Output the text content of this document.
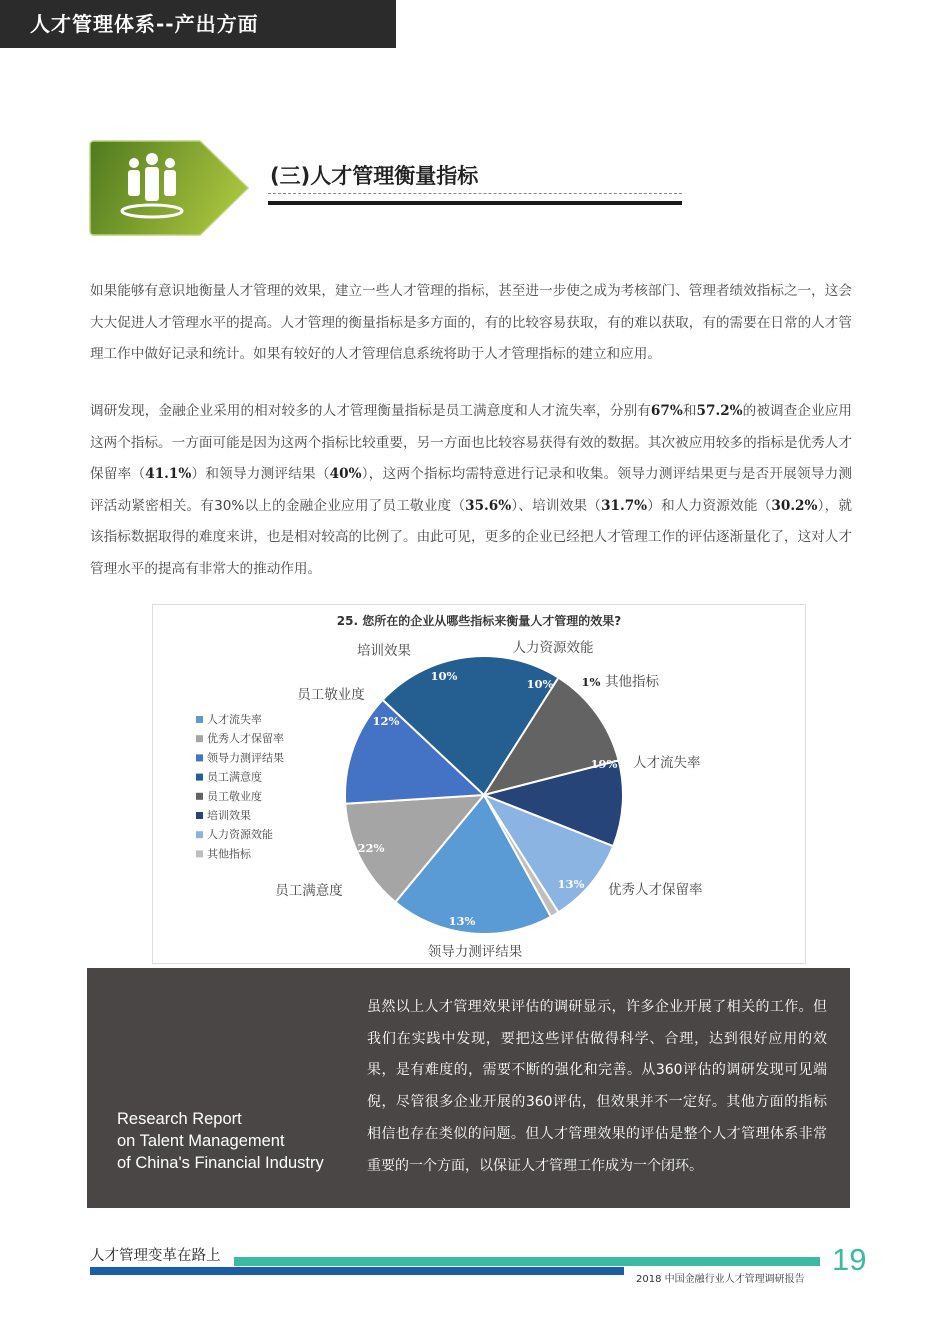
人才管理体系--产出方面
(三)人才管理衡量指标

如果能够有意识地衡量人才管理的效果，建立一些人才管理的指标，甚至进一步使之成为考核部门、管理者绩效指标之一，这会大大促进人才管理水平的提高。人才管理的衡量指标是多方面的，有的比较容易获取，有的难以获取，有的需要在日常的人才管理工作中做好记录和统计。如果有较好的人才管理信息系统将助于人才管理指标的建立和应用。

调研发现，金融企业采用的相对较多的人才管理衡量指标是员工满意度和人才流失率，分别有67%和57.2%的被调查企业应用这两个指标。一方面可能是因为这两个指标比较重要，另一方面也比较容易获得有效的数据。其次被应用较多的指标是优秀人才保留率（41.1%）和领导力测评结果（40%），这两个指标均需特意进行记录和收集。领导力测评结果更与是否开展领导力测评活动紧密相关。有30%以上的金融企业应用了员工敬业度（35.6%）、培训效果（31.7%）和人力资源效能（30.2%），就该指标数据取得的难度来讲，也是相对较高的比例了。由此可见，更多的企业已经把人才管理工作的评估逐渐量化了，这对人才管理水平的提高有非常大的推动作用。

25. 您所在的企业从哪些指标来衡量人才管理的效果?
19% 人才流失率
13% 优秀人才保留率
13%
领导力测评结果
22%
员工满意度
12%
员工敬业度
10%
培训效果
10%
人力资源效能
1% 其他指标
人才流失率
优秀人才保留率
领导力测评结果
员工满意度
员工敬业度
培训效果
人力资源效能
其他指标
Research Report
on Talent Management
of China's Financial Industry

虽然以上人才管理效果评估的调研显示，许多企业开展了相关的工作。但我们在实践中发现，要把这些评估做得科学、合理，达到很好应用的效果，是有难度的，需要不断的强化和完善。从360评估的调研发现可见端倪，尽管很多企业开展的360评估，但效果并不一定好。其他方面的指标相信也存在类似的问题。但人才管理效果的评估是整个人才管理体系非常重要的一个方面，以保证人才管理工作成为一个闭环。

人才管理变革在路上
2018 中国金融行业人才管理调研报告
19
